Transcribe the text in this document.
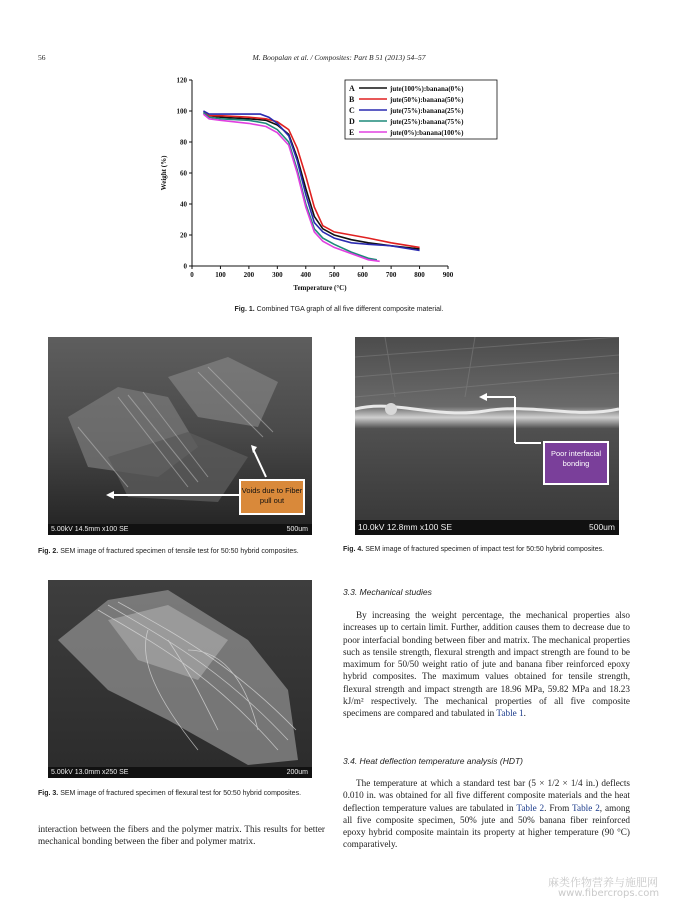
56	M. Boopalan et al. / Composites: Part B 51 (2013) 54–57
0
20
40
60
80
100
120
0	100	200	300	400	500	600	700	800	900
Temperature (°C)
Weight (%)
A	jute(100%):banana(0%)
B	jute(50%):banana(50%)
C	jute(75%):banana(25%)
D	jute(25%):banana(75%)
E	jute(0%):banana(100%)
Fig. 1. Combined TGA graph of all five different composite material.
Voids due to Fiber pull out
5.00kV 14.5mm x100 SE	500um
Fig. 2. SEM image of fractured specimen of tensile test for 50:50 hybrid composites.
Poor interfacial bonding
10.0kV 12.8mm x100 SE	500um
Fig. 4. SEM image of fractured specimen of impact test for 50:50 hybrid composites.
5.00kV 13.0mm x250 SE	200um
Fig. 3. SEM image of fractured specimen of flexural test for 50:50 hybrid composites.
interaction between the fibers and the polymer matrix. This results for better mechanical bonding between the fiber and polymer matrix.
3.3. Mechanical studies
By increasing the weight percentage, the mechanical properties also increases up to certain limit. Further, addition causes them to decrease due to poor interfacial bonding between fiber and matrix. The mechanical properties such as tensile strength, flexural strength and impact strength are found to be maximum for 50/50 weight ratio of jute and banana fiber reinforced epoxy hybrid composites. The maximum values obtained for tensile strength, flexural strength and impact strength are 18.96 MPa, 59.82 MPa and 18.23 kJ/m² respectively. The mechanical properties of all five composite specimens are compared and tabulated in Table 1.
3.4. Heat deflection temperature analysis (HDT)
The temperature at which a standard test bar (5 × 1/2 × 1/4 in.) deflects 0.010 in. was obtained for all five different composite materials and the heat deflection temperature values are tabulated in Table 2. From Table 2, among all five composite specimen, 50% jute and 50% banana fiber reinforced epoxy hybrid composite maintain its property at higher temperature (90 °C) comparatively.
麻类作物营养与施肥网
www.fibercrops.com
